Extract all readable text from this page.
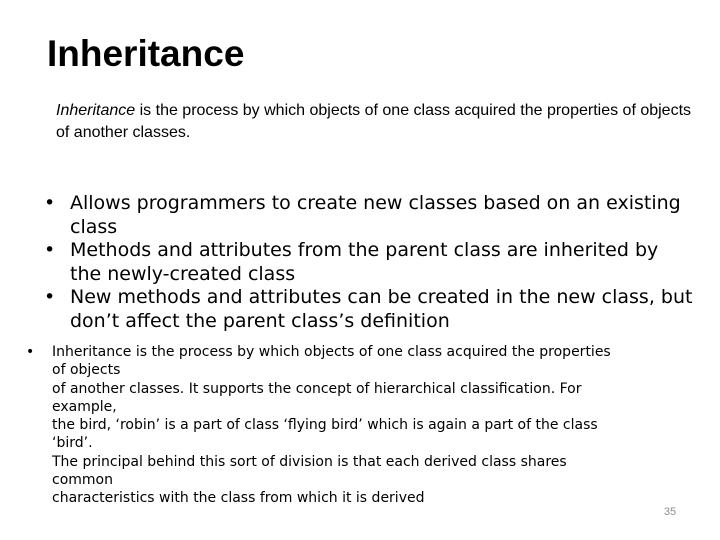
Inheritance
Inheritance is the process by which objects of one class acquired the properties of objects of another classes.
• Allows programmers to create new classes based on an existing class
• Methods and attributes from the parent class are inherited by the newly-created class
• New methods and attributes can be created in the new class, but don’t affect the parent class’s definition
• Inheritance is the process by which objects of one class acquired the properties
of objects
of another classes. It supports the concept of hierarchical classification. For
example,
the bird, ‘robin’ is a part of class ‘flying bird’ which is again a part of the class
‘bird’.
The principal behind this sort of division is that each derived class shares
common
characteristics with the class from which it is derived
35
